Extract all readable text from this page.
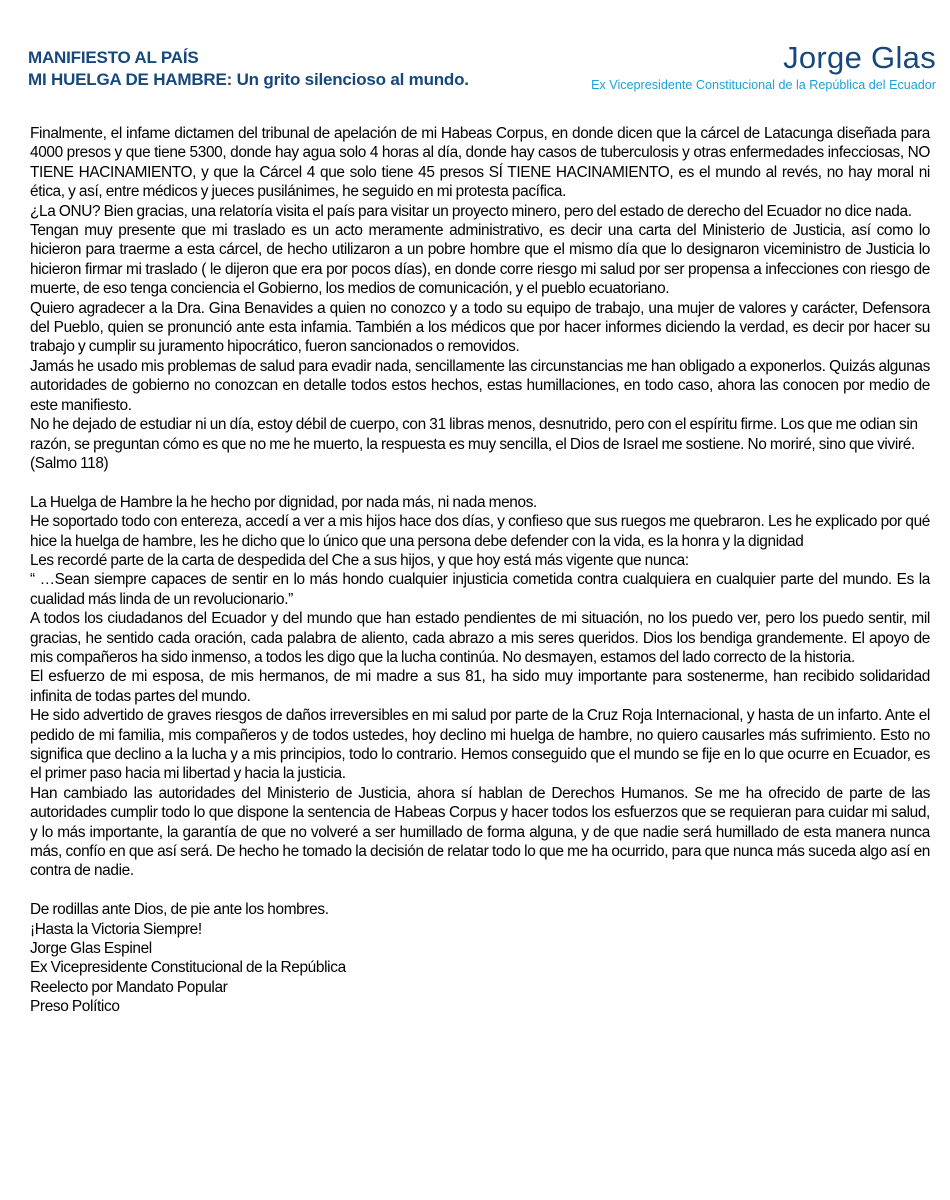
MANIFIESTO AL PAÍS
MI HUELGA DE HAMBRE: Un grito silencioso al mundo.
Jorge Glas
Ex Vicepresidente Constitucional de la República del Ecuador

Finalmente, el infame dictamen del tribunal de apelación de mi Habeas Corpus, en donde dicen que la cárcel de Latacunga diseñada para 4000 presos y que tiene 5300, donde hay agua solo 4 horas al día, donde hay casos de tuberculosis y otras enfermedades infecciosas, NO TIENE HACINAMIENTO, y que la Cárcel 4 que solo tiene 45 presos SÍ TIENE HACINAMIENTO, es el mundo al revés, no hay moral ni ética, y así, entre médicos y jueces pusilánimes, he seguido en mi protesta pacífica.

¿La ONU? Bien gracias, una relatoría visita el país para visitar un proyecto minero, pero del estado de derecho del Ecuador no dice nada.

Tengan muy presente que mi traslado es un acto meramente administrativo, es decir una carta del Ministerio de Justicia, así como lo hicieron para traerme a esta cárcel, de hecho utilizaron a un pobre hombre que el mismo día que lo designaron viceministro de Justicia lo hicieron firmar mi traslado ( le dijeron que era por pocos días), en donde corre riesgo mi salud por ser propensa a infecciones con riesgo de muerte, de eso tenga conciencia el Gobierno, los medios de comunicación, y el pueblo ecuatoriano.

Quiero agradecer a la Dra. Gina Benavides a quien no conozco y a todo su equipo de trabajo, una mujer de valores y carácter, Defensora del Pueblo, quien se pronunció ante esta infamia. También a los médicos que por hacer informes diciendo la verdad, es decir por hacer su trabajo y cumplir su juramento hipocrático, fueron sancionados o removidos.

Jamás he usado mis problemas de salud para evadir nada, sencillamente las circunstancias me han obligado a exponerlos. Quizás algunas autoridades de gobierno no conozcan en detalle todos estos hechos, estas humillaciones, en todo caso, ahora las conocen por medio de este manifiesto.

No he dejado de estudiar ni un día, estoy débil de cuerpo, con 31 libras menos, desnutrido, pero con el espíritu firme. Los que me odian sin razón, se preguntan cómo es que no me he muerto, la respuesta es muy sencilla, el Dios de Israel me sostiene. No moriré, sino que viviré. (Salmo 118)

La Huelga de Hambre la he hecho por dignidad, por nada más, ni nada menos.

He soportado todo con entereza, accedí a ver a mis hijos hace dos días, y confieso que sus ruegos me quebraron. Les he explicado por qué hice la huelga de hambre, les he dicho que lo único que una persona debe defender con la vida, es la honra y la dignidad

Les recordé parte de la carta de despedida del Che a sus hijos, y que hoy está más vigente que nunca:

“ …Sean siempre capaces de sentir en lo más hondo cualquier injusticia cometida contra cualquiera en cualquier parte del mundo. Es la cualidad más linda de un revolucionario.”

A todos los ciudadanos del Ecuador y del mundo que han estado pendientes de mi situación, no los puedo ver, pero los puedo sentir, mil gracias, he sentido cada oración, cada palabra de aliento, cada abrazo a mis seres queridos. Dios los bendiga grandemente. El apoyo de mis compañeros ha sido inmenso, a todos les digo que la lucha continúa. No desmayen, estamos del lado correcto de la historia.

El esfuerzo de mi esposa, de mis hermanos, de mi madre a sus 81, ha sido muy importante para sostenerme, han recibido solidaridad infinita de todas partes del mundo.

He sido advertido de graves riesgos de daños irreversibles en mi salud por parte de la Cruz Roja Internacional, y hasta de un infarto. Ante el pedido de mi familia, mis compañeros y de todos ustedes, hoy declino mi huelga de hambre, no quiero causarles más sufrimiento. Esto no significa que declino a la lucha y a mis principios, todo lo contrario. Hemos conseguido que el mundo se fije en lo que ocurre en Ecuador, es el primer paso hacia mi libertad y hacia la justicia.

Han cambiado las autoridades del Ministerio de Justicia, ahora sí hablan de Derechos Humanos. Se me ha ofrecido de parte de las autoridades cumplir todo lo que dispone la sentencia de Habeas Corpus y hacer todos los esfuerzos que se requieran para cuidar mi salud, y lo más importante, la garantía de que no volveré a ser humillado de forma alguna, y de que nadie será humillado de esta manera nunca más, confío en que así será. De hecho he tomado la decisión de relatar todo lo que me ha ocurrido, para que nunca más suceda algo así en contra de nadie.

De rodillas ante Dios, de pie ante los hombres.

¡Hasta la Victoria Siempre!

Jorge Glas Espinel

Ex Vicepresidente Constitucional de la República

Reelecto por Mandato Popular

Preso Político
